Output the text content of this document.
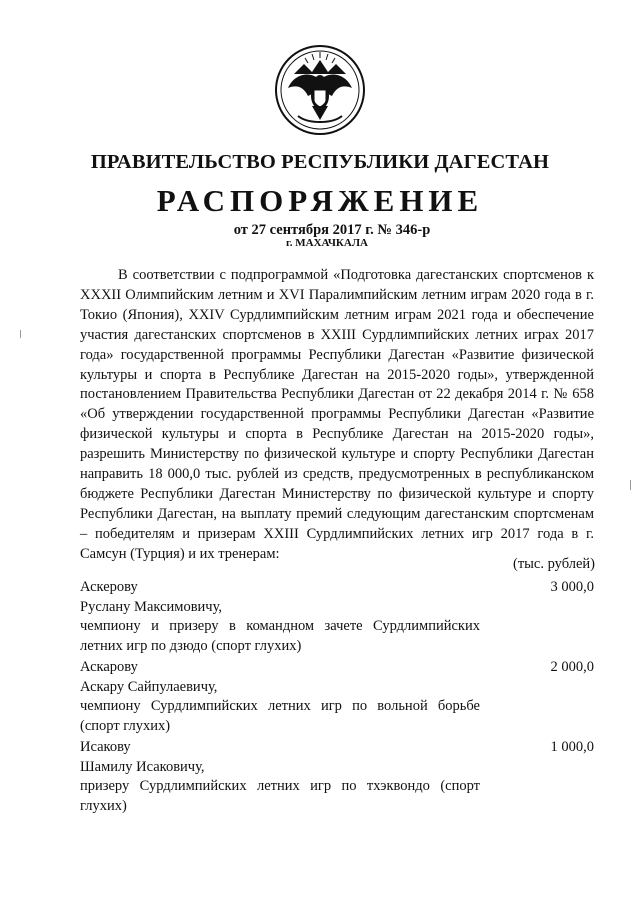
ПРАВИТЕЛЬСТВО РЕСПУБЛИКИ ДАГЕСТАН
РАСПОРЯЖЕНИЕ
от 27 сентября 2017 г. № 346-р
г. МАХАЧКАЛА

В соответствии с подпрограммой «Подготовка дагестанских спортсменов к XXXII Олимпийским летним и XVI Паралимпийским летним играм 2020 года в г. Токио (Япония), XXIV Сурдлимпийским летним играм 2021 года и обеспечение участия дагестанских спортсменов в XXIII Сурдлимпийских летних играх 2017 года» государственной программы Республики Дагестан «Развитие физической культуры и спорта в Республике Дагестан на 2015-2020 годы», утвержденной постановлением Правительства Республики Дагестан от 22 декабря 2014 г. № 658 «Об утверждении государственной программы Республики Дагестан «Развитие физической культуры и спорта в Республике Дагестан на 2015-2020 годы», разрешить Министерству по физической культуре и спорту Республики Дагестан направить 18 000,0 тыс. рублей из средств, предусмотренных в республиканском бюджете Республики Дагестан Министерству по физической культуре и спорту Республики Дагестан, на выплату премий следующим дагестанским спортсменам – победителям и призерам XXIII Сурдлимпийских летних игр 2017 года в г. Самсун (Турция) и их тренерам:

(тыс. рублей)
Аскерову	3 000,0
Руслану Максимовичу,
чемпиону и призеру в командном зачете Сурдлимпийских летних игр по дзюдо (спорт глухих)
Аскарову	2 000,0
Аскару Сайпулаевичу,
чемпиону Сурдлимпийских летних игр по вольной борьбе (спорт глухих)
Исакову	1 000,0
Шамилу Исаковичу,
призеру Сурдлимпийских летних игр по тхэквондо (спорт глухих)
